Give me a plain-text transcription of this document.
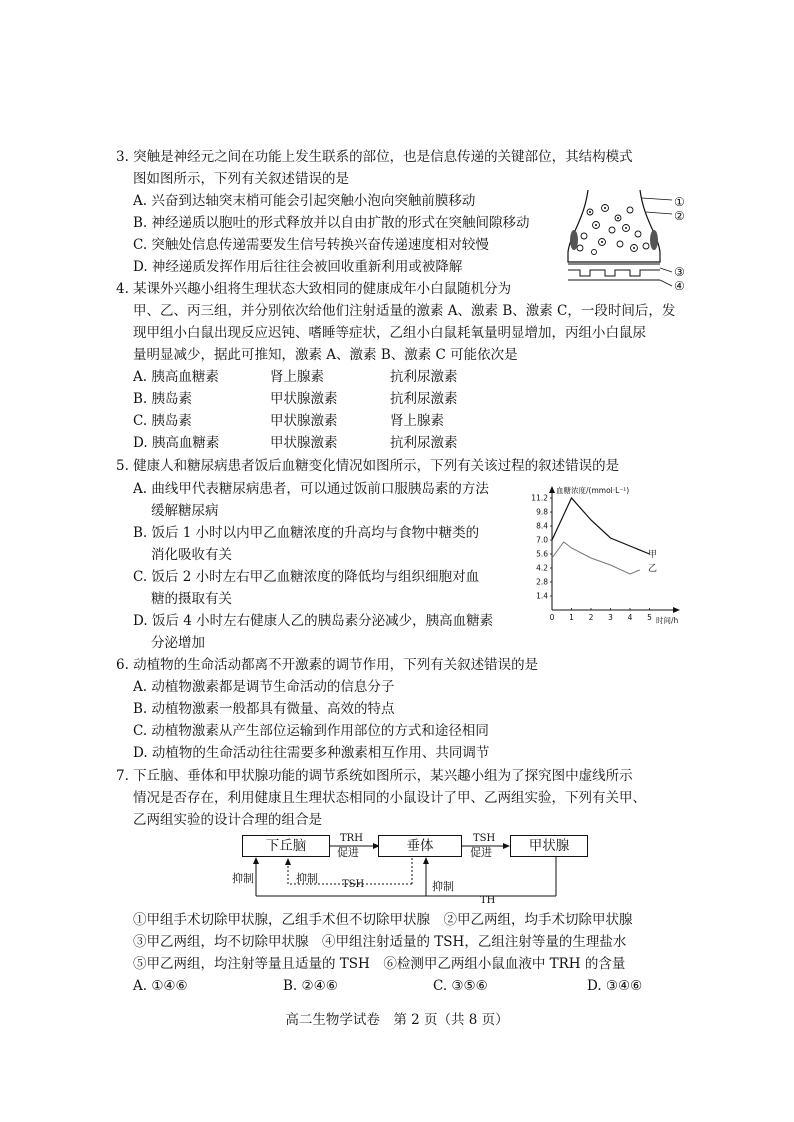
3. 突触是神经元之间在功能上发生联系的部位，也是信息传递的关键部位，其结构模式
图如图所示，下列有关叙述错误的是
A. 兴奋到达轴突末梢可能会引起突触小泡向突触前膜移动
B. 神经递质以胞吐的形式释放并以自由扩散的形式在突触间隙移动
C. 突触处信息传递需要发生信号转换兴奋传递速度相对较慢
D. 神经递质发挥作用后往往会被回收重新利用或被降解
①
②
③
④
4. 某课外兴趣小组将生理状态大致相同的健康成年小白鼠随机分为
甲、乙、丙三组，并分别依次给他们注射适量的激素 A、激素 B、激素 C，一段时间后，发
现甲组小白鼠出现反应迟钝、嗜睡等症状，乙组小白鼠耗氧量明显增加，丙组小白鼠尿
量明显减少，据此可推知，激素 A、激素 B、激素 C 可能依次是
A. 胰高血糖素	肾上腺素	抗利尿激素
B. 胰岛素	甲状腺激素	抗利尿激素
C. 胰岛素	甲状腺激素	肾上腺素
D. 胰高血糖素	甲状腺激素	抗利尿激素
5. 健康人和糖尿病患者饭后血糖变化情况如图所示，下列有关该过程的叙述错误的是
A. 曲线甲代表糖尿病患者，可以通过饭前口服胰岛素的方法
缓解糖尿病
B. 饭后 1 小时以内甲乙血糖浓度的升高均与食物中糖类的
消化吸收有关
C. 饭后 2 小时左右甲乙血糖浓度的降低均与组织细胞对血
糖的摄取有关
D. 饭后 4 小时左右健康人乙的胰岛素分泌减少，胰高血糖素
分泌增加
血糖浓度/(mmol·L⁻¹)
时间/h
11.2
9.8
8.4
7.0
5.6
4.2
2.8
1.4
0 1 2 3 4 5
甲
乙
6. 动植物的生命活动都离不开激素的调节作用，下列有关叙述错误的是
A. 动植物激素都是调节生命活动的信息分子
B. 动植物激素一般都具有微量、高效的特点
C. 动植物激素从产生部位运输到作用部位的方式和途径相同
D. 动植物的生命活动往往需要多种激素相互作用、共同调节
7. 下丘脑、垂体和甲状腺功能的调节系统如图所示，某兴趣小组为了探究图中虚线所示
情况是否存在，利用健康且生理状态相同的小鼠设计了甲、乙两组实验，下列有关甲、
乙两组实验的设计合理的组合是
下丘脑	垂体	甲状腺
TRH
促进
TSH
促进
抑制	抑制 TSH	抑制
TH
①甲组手术切除甲状腺，乙组手术但不切除甲状腺　②甲乙两组，均手术切除甲状腺
③甲乙两组，均不切除甲状腺　④甲组注射适量的 TSH，乙组注射等量的生理盐水
⑤甲乙两组，均注射等量且适量的 TSH　⑥检测甲乙两组小鼠血液中 TRH 的含量
A. ①④⑥	B. ②④⑥	C. ③⑤⑥	D. ③④⑥
高二生物学试卷　第 2 页（共 8 页）
